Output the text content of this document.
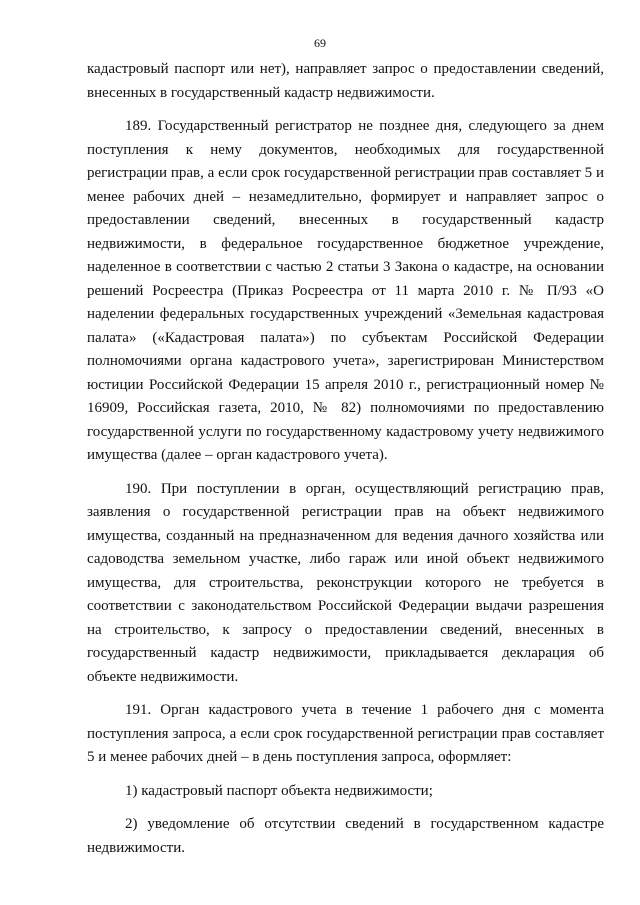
69

кадастровый паспорт или нет), направляет запрос о предоставлении сведений, внесенных в государственный кадастр недвижимости.

189. Государственный регистратор не позднее дня, следующего за днем поступления к нему документов, необходимых для государственной регистрации прав, а если срок государственной регистрации прав составляет 5 и менее рабочих дней – незамедлительно, формирует и направляет запрос о предоставлении сведений, внесенных в государственный кадастр недвижимости, в федеральное государственное бюджетное учреждение, наделенное в соответствии с частью 2 статьи 3 Закона о кадастре, на основании решений Росреестра (Приказ Росреестра от 11 марта 2010 г. № П/93 «О наделении федеральных государственных учреждений «Земельная кадастровая палата» («Кадастровая палата») по субъектам Российской Федерации полномочиями органа кадастрового учета», зарегистрирован Министерством юстиции Российской Федерации 15 апреля 2010 г., регистрационный номер № 16909, Российская газета, 2010, № 82) полномочиями по предоставлению государственной услуги по государственному кадастровому учету недвижимого имущества (далее – орган кадастрового учета).

190. При поступлении в орган, осуществляющий регистрацию прав, заявления о государственной регистрации прав на объект недвижимого имущества, созданный на предназначенном для ведения дачного хозяйства или садоводства земельном участке, либо гараж или иной объект недвижимого имущества, для строительства, реконструкции которого не требуется в соответствии с законодательством Российской Федерации выдачи разрешения на строительство, к запросу о предоставлении сведений, внесенных в государственный кадастр недвижимости, прикладывается декларация об объекте недвижимости.

191. Орган кадастрового учета в течение 1 рабочего дня с момента поступления запроса, а если срок государственной регистрации прав составляет 5 и менее рабочих дней – в день поступления запроса, оформляет:

1) кадастровый паспорт объекта недвижимости;

2) уведомление об отсутствии сведений в государственном кадастре недвижимости.
